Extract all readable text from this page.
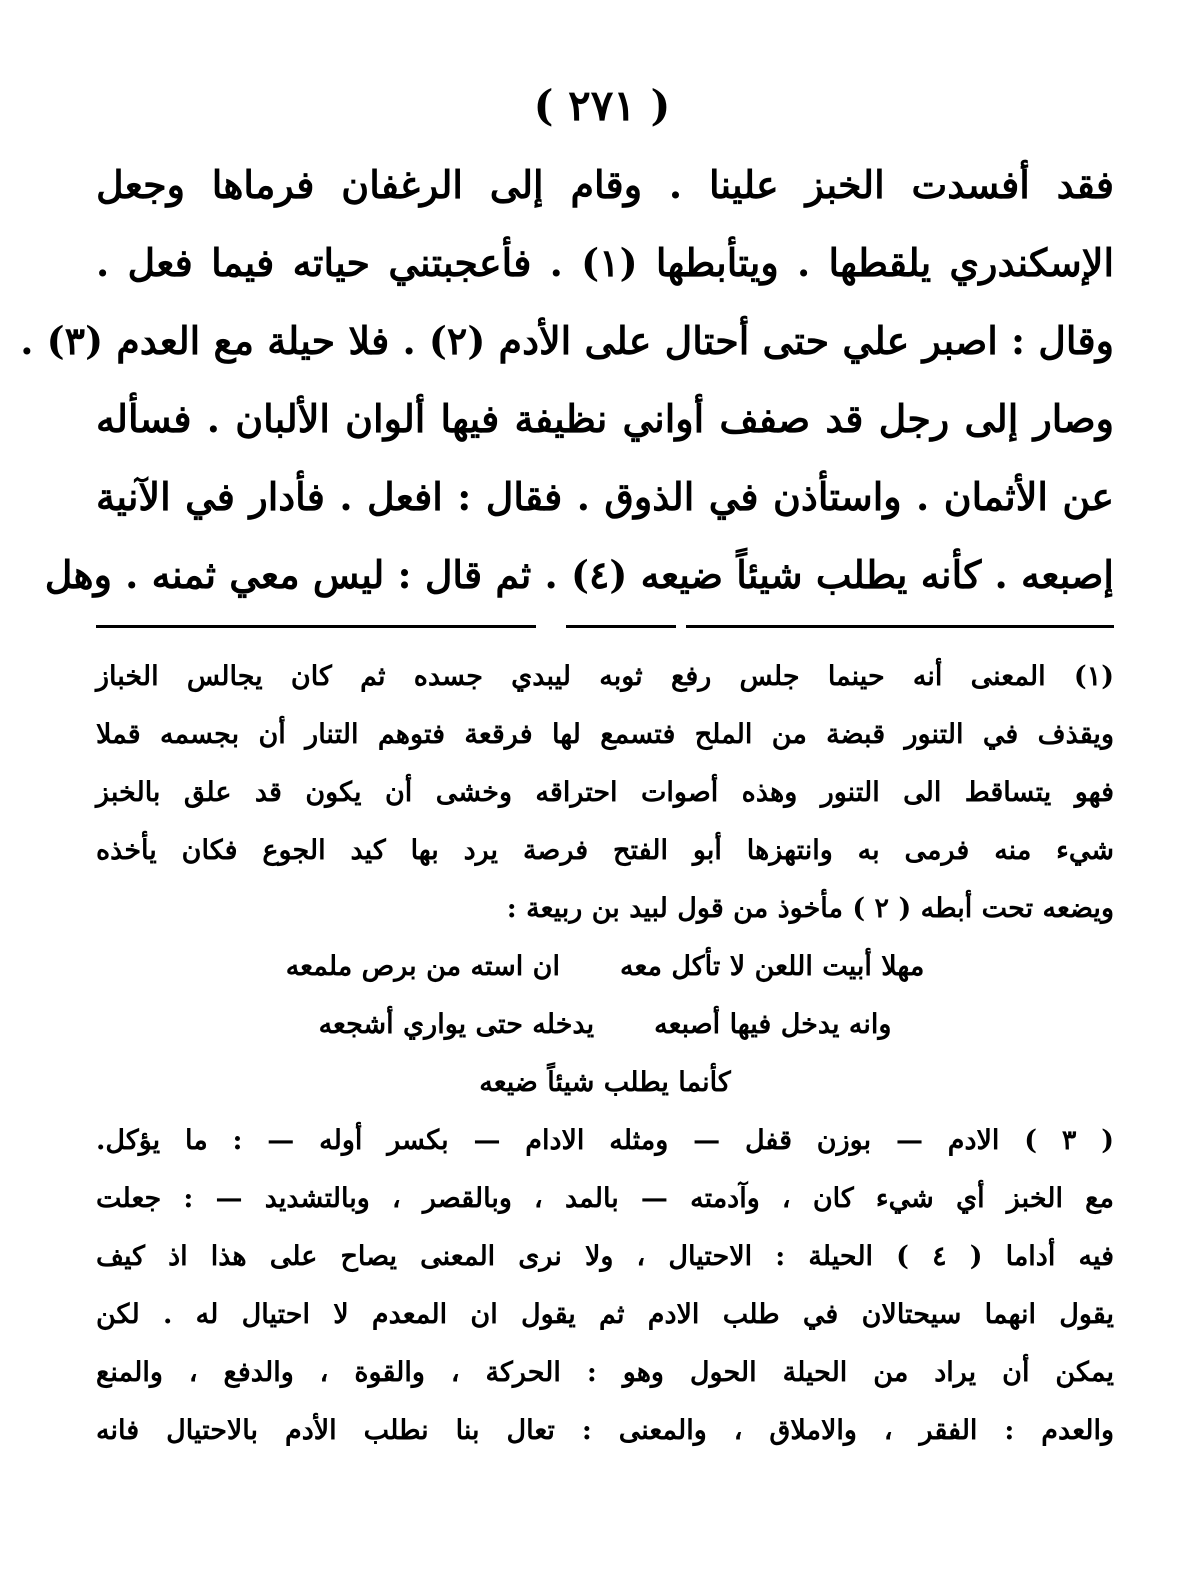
( ٢٧١ )
فقد أفسدت الخبز علينا . وقام إلى الرغفان فرماها وجعل
الإسكندري يلقطها . ويتأبطها (١) . فأعجبتني حياته فيما فعل .
وقال : اصبر علي حتى أحتال على الأدم (٢) . فلا حيلة مع العدم (٣) .
وصار إلى رجل قد صفف أواني نظيفة فيها ألوان الألبان . فسأله
عن الأثمان . واستأذن في الذوق . فقال : افعل . فأدار في الآنية
إصبعه . كأنه يطلب شيئاً ضيعه (٤) . ثم قال : ليس معي ثمنه . وهل
(١) المعنى أنه حينما جلس رفع ثوبه ليبدي جسده ثم كان يجالس الخباز
ويقذف في التنور قبضة من الملح فتسمع لها فرقعة فتوهم التنار أن بجسمه قملا
فهو يتساقط الى التنور وهذه أصوات احتراقه وخشى أن يكون قد علق بالخبز
شيء منه فرمى به وانتهزها أبو الفتح فرصة يرد بها كيد الجوع فكان يأخذه
ويضعه تحت أبطه ( ٢ ) مأخوذ من قول لبيد بن ربيعة :
مهلا أبيت اللعن لا تأكل معه
ان استه من برص ملمعه
وانه يدخل فيها أصبعه
يدخله حتى يواري أشجعه
كأنما يطلب شيئاً ضيعه
( ٣ ) الادم — بوزن قفل — ومثله الادام — بكسر أوله — : ما يؤكل.
مع الخبز أي شيء كان ، وآدمته — بالمد ، وبالقصر ، وبالتشديد — : جعلت
فيه أداما ( ٤ ) الحيلة : الاحتيال ، ولا نرى المعنى يصاح على هذا اذ كيف
يقول انهما سيحتالان في طلب الادم ثم يقول ان المعدم لا احتيال له . لكن
يمكن أن يراد من الحيلة الحول وهو : الحركة ، والقوة ، والدفع ، والمنع
والعدم : الفقر ، والاملاق ، والمعنى : تعال بنا نطلب الأدم بالاحتيال فانه
